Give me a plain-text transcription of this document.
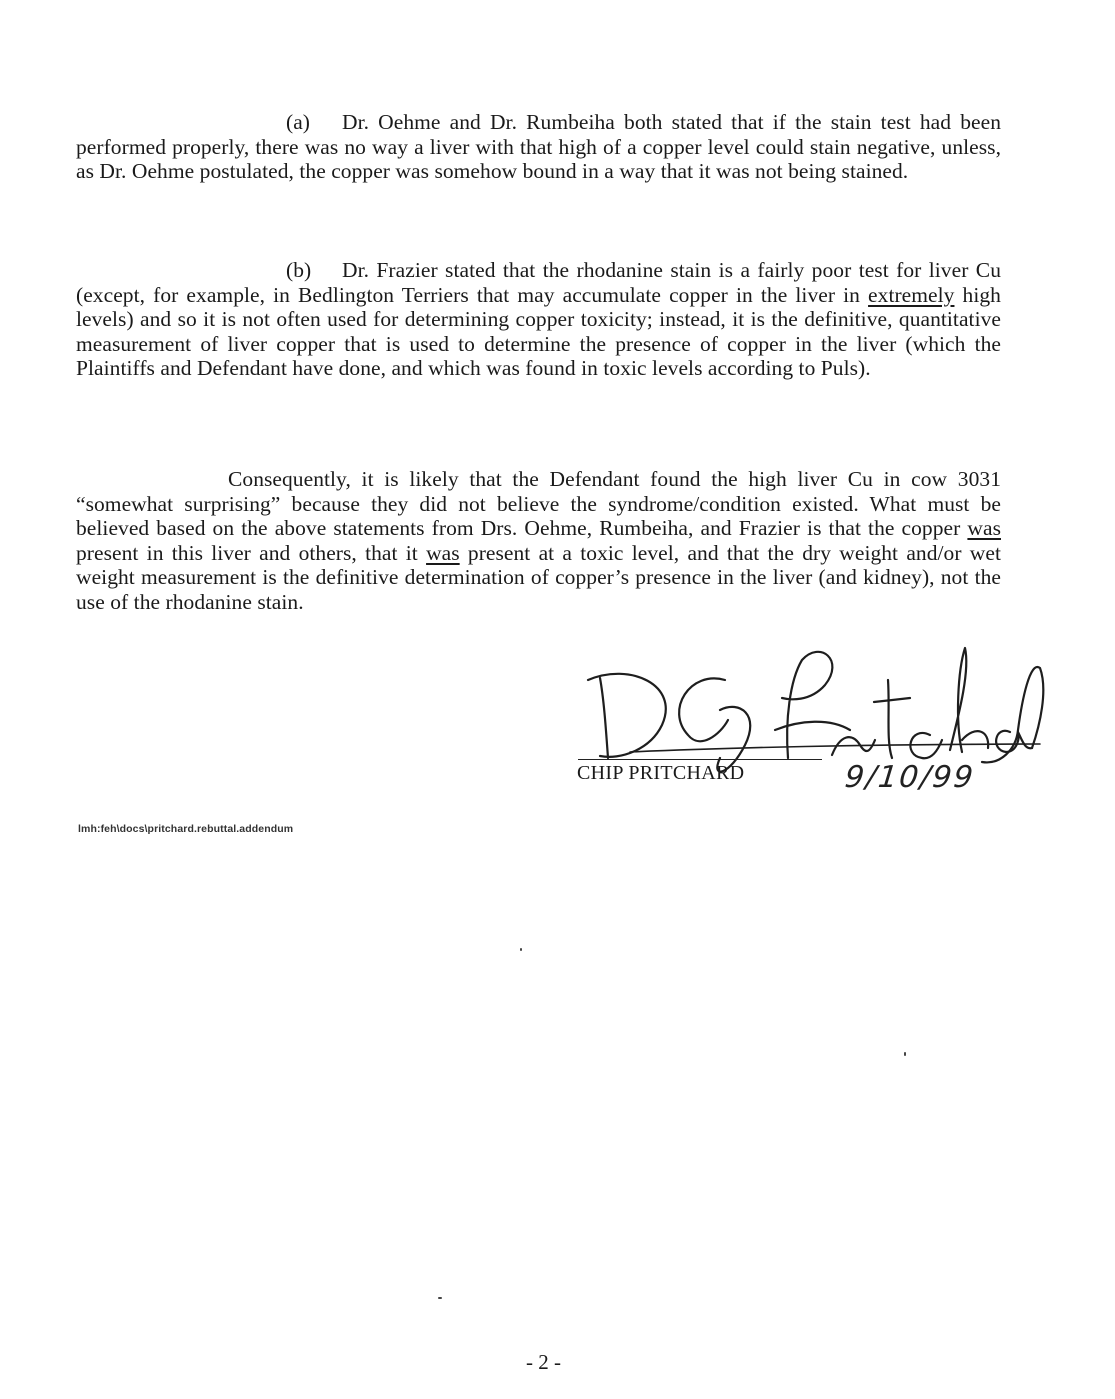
(a) Dr. Oehme and Dr. Rumbeiha both stated that if the stain test had been performed properly, there was no way a liver with that high of a copper level could stain negative, unless, as Dr. Oehme postulated, the copper was somehow bound in a way that it was not being stained.

(b) Dr. Frazier stated that the rhodanine stain is a fairly poor test for liver Cu (except, for example, in Bedlington Terriers that may accumulate copper in the liver in extremely high levels) and so it is not often used for determining copper toxicity; instead, it is the definitive, quantitative measurement of liver copper that is used to determine the presence of copper in the liver (which the Plaintiffs and Defendant have done, and which was found in toxic levels according to Puls).

Consequently, it is likely that the Defendant found the high liver Cu in cow 3031 “somewhat surprising” because they did not believe the syndrome/condition existed. What must be believed based on the above statements from Drs. Oehme, Rumbeiha, and Frazier is that the copper was present in this liver and others, that it was present at a toxic level, and that the dry weight and/or wet weight measurement is the definitive determination of copper’s presence in the liver (and kidney), not the use of the rhodanine stain.

CHIP PRITCHARD	9/10/99
lmh:feh\docs\pritchard.rebuttal.addendum
- 2 -
